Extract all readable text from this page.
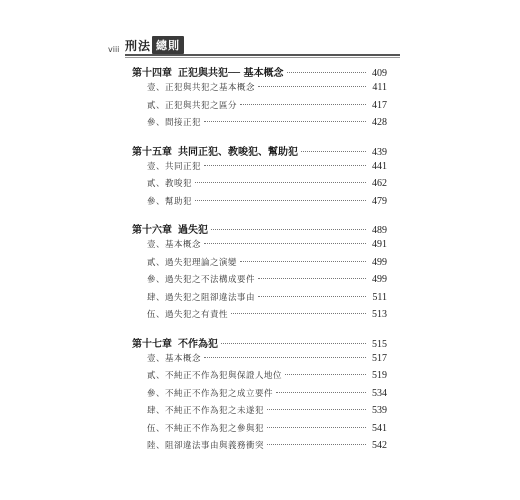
viii 刑法 總則
第十四章 正犯與共犯── 基本概念	409
壹、正犯與共犯之基本概念	411
貳、正犯與共犯之區分	417
參、間接正犯	428
第十五章 共同正犯、教唆犯、幫助犯	439
壹、共同正犯	441
貳、教唆犯	462
參、幫助犯	479
第十六章 過失犯	489
壹、基本概念	491
貳、過失犯理論之演變	499
參、過失犯之不法構成要件	499
肆、過失犯之阻卻違法事由	511
伍、過失犯之有責性	513
第十七章 不作為犯	515
壹、基本概念	517
貳、不純正不作為犯與保證人地位	519
參、不純正不作為犯之成立要件	534
肆、不純正不作為犯之未遂犯	539
伍、不純正不作為犯之參與犯	541
陸、阻卻違法事由與義務衝突	542
